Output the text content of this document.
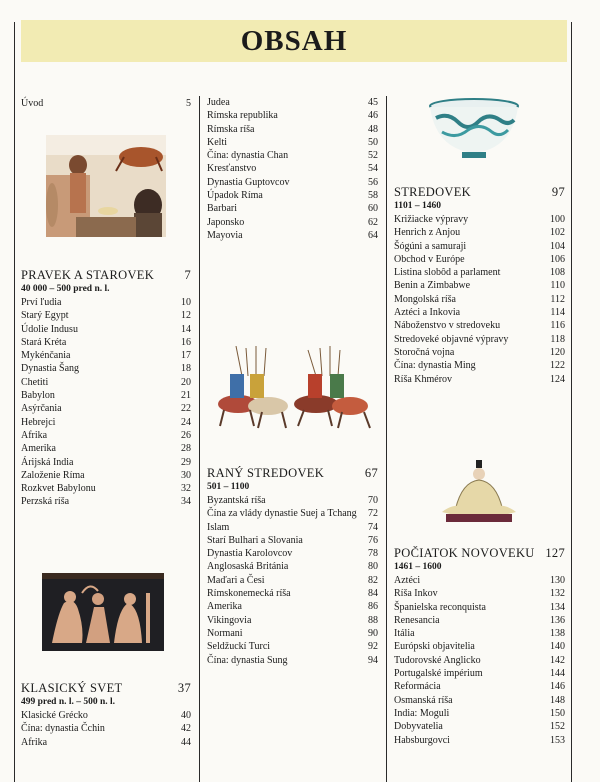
OBSAH
Úvod	5
PRAVEK A STAROVEK 7
40 000 – 500 pred n. l.
Prví ľudia	10
Starý Egypt	12
Údolie Indusu	14
Stará Kréta	16
Mykénčania	17
Dynastia Šang	18
Chetiti	20
Babylon	21
Asýrčania	22
Hebrejci	24
Afrika	26
Amerika	28
Árijská India	29
Založenie Ríma	30
Rozkvet Babylonu	32
Perzská ríša	34
KLASICKÝ SVET	37
499 pred n. l. – 500 n. l.
Klasické Grécko	40
Čína: dynastia Čchin	42
Afrika	44
Judea	45
Rímska republika	46
Rímska ríša	48
Kelti	50
Čína: dynastia Chan	52
Kresťanstvo	54
Dynastia Guptovcov	56
Úpadok Ríma	58
Barbari	60
Japonsko	62
Mayovia	64
RANÝ STREDOVEK	67
501 – 1100
Byzantská ríša	70
Čína za vlády dynastie Suej a Tchang 72
Islam	74
Starí Bulhari a Slovania	76
Dynastia Karolovcov	78
Anglosaská Británia	80
Maďari a Česi	82
Rímskonemecká ríša	84
Amerika	86
Vikingovia	88
Normani	90
Seldžuckí Turci	92
Čína: dynastia Sung	94
STREDOVEK	97
1101 – 1460
Križiacke výpravy	100
Henrich z Anjou	102
Šógúni a samuraji	104
Obchod v Európe	106
Listina slobôd a parlament	108
Benin a Zimbabwe	110
Mongolská ríša	112
Aztéci a Inkovia	114
Náboženstvo v stredoveku	116
Stredoveké objavné výpravy	118
Storočná vojna	120
Čína: dynastia Ming	122
Ríša Khmérov	124
POČIATOK NOVOVEKU 127
1461 – 1600
Aztéci	130
Ríša Inkov	132
Španielska reconquista	134
Renesancia	136
Itália	138
Európski objavitelia	140
Tudorovské Anglicko	142
Portugalské impérium	144
Reformácia	146
Osmanská ríša	148
India: Moguli	150
Dobyvatelia	152
Habsburgovci	153
